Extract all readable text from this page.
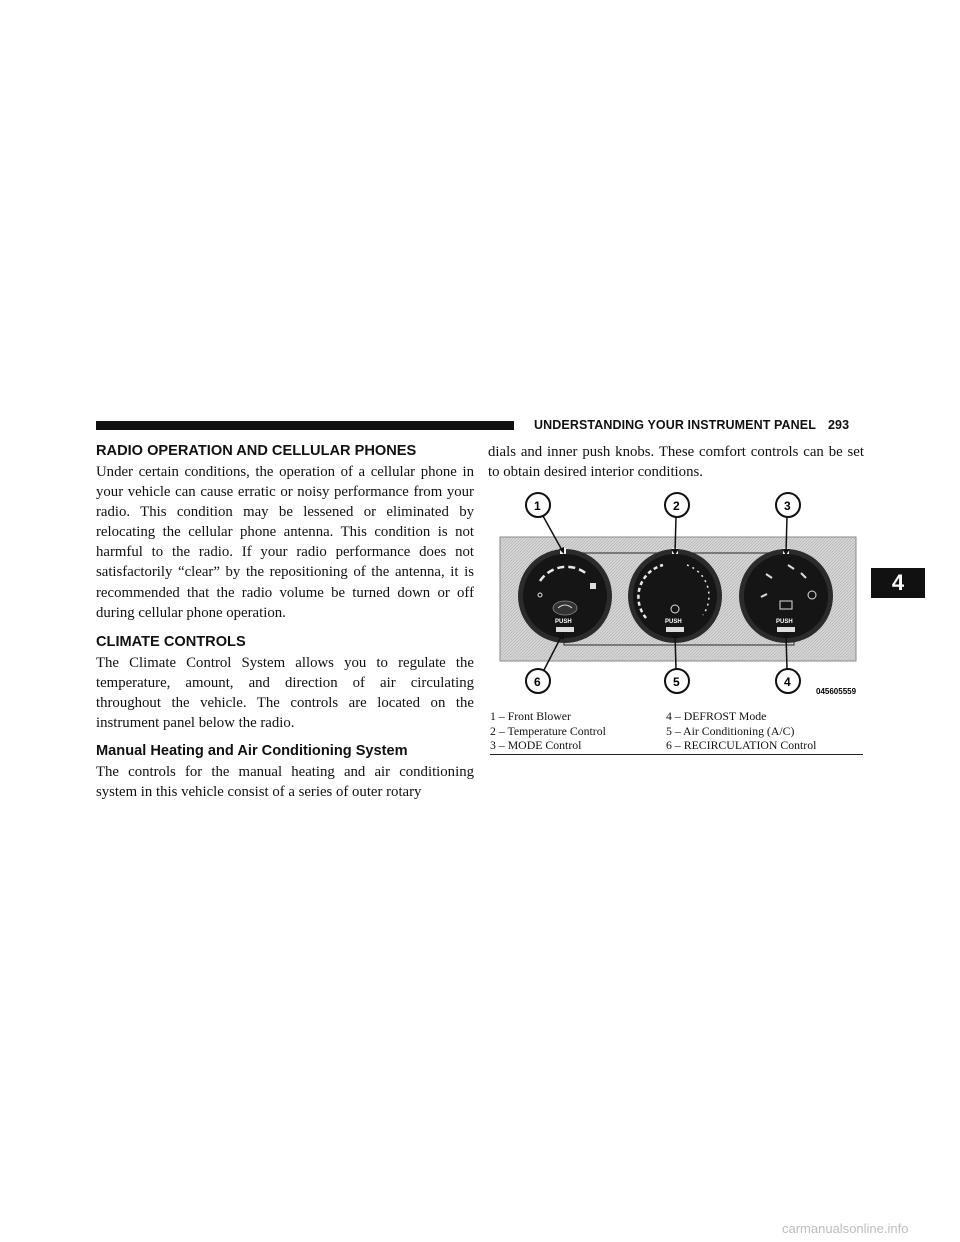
UNDERSTANDING YOUR INSTRUMENT PANEL 293
4
RADIO OPERATION AND CELLULAR PHONES

Under certain conditions, the operation of a cellular phone in your vehicle can cause erratic or noisy performance from your radio. This condition may be lessened or eliminated by relocating the cellular phone antenna. This condition is not harmful to the radio. If your radio performance does not satisfactorily “clear” by the repositioning of the antenna, it is recommended that the radio volume be turned down or off during cellular phone operation.

CLIMATE CONTROLS

The Climate Control System allows you to regulate the temperature, amount, and direction of air circulating throughout the vehicle. The controls are located on the instrument panel below the radio.

Manual Heating and Air Conditioning System

The controls for the manual heating and air conditioning system in this vehicle consist of a series of outer rotary

dials and inner push knobs. These comfort controls can be set to obtain desired interior conditions.

PUSH	PUSH	PUSH
1	2	3
6	5	4
045605559
1 – Front Blower	4 – DEFROST Mode
2 – Temperature Control	5 – Air Conditioning (A/C)
3 – MODE Control	6 – RECIRCULATION Control
carmanualsonline.info
